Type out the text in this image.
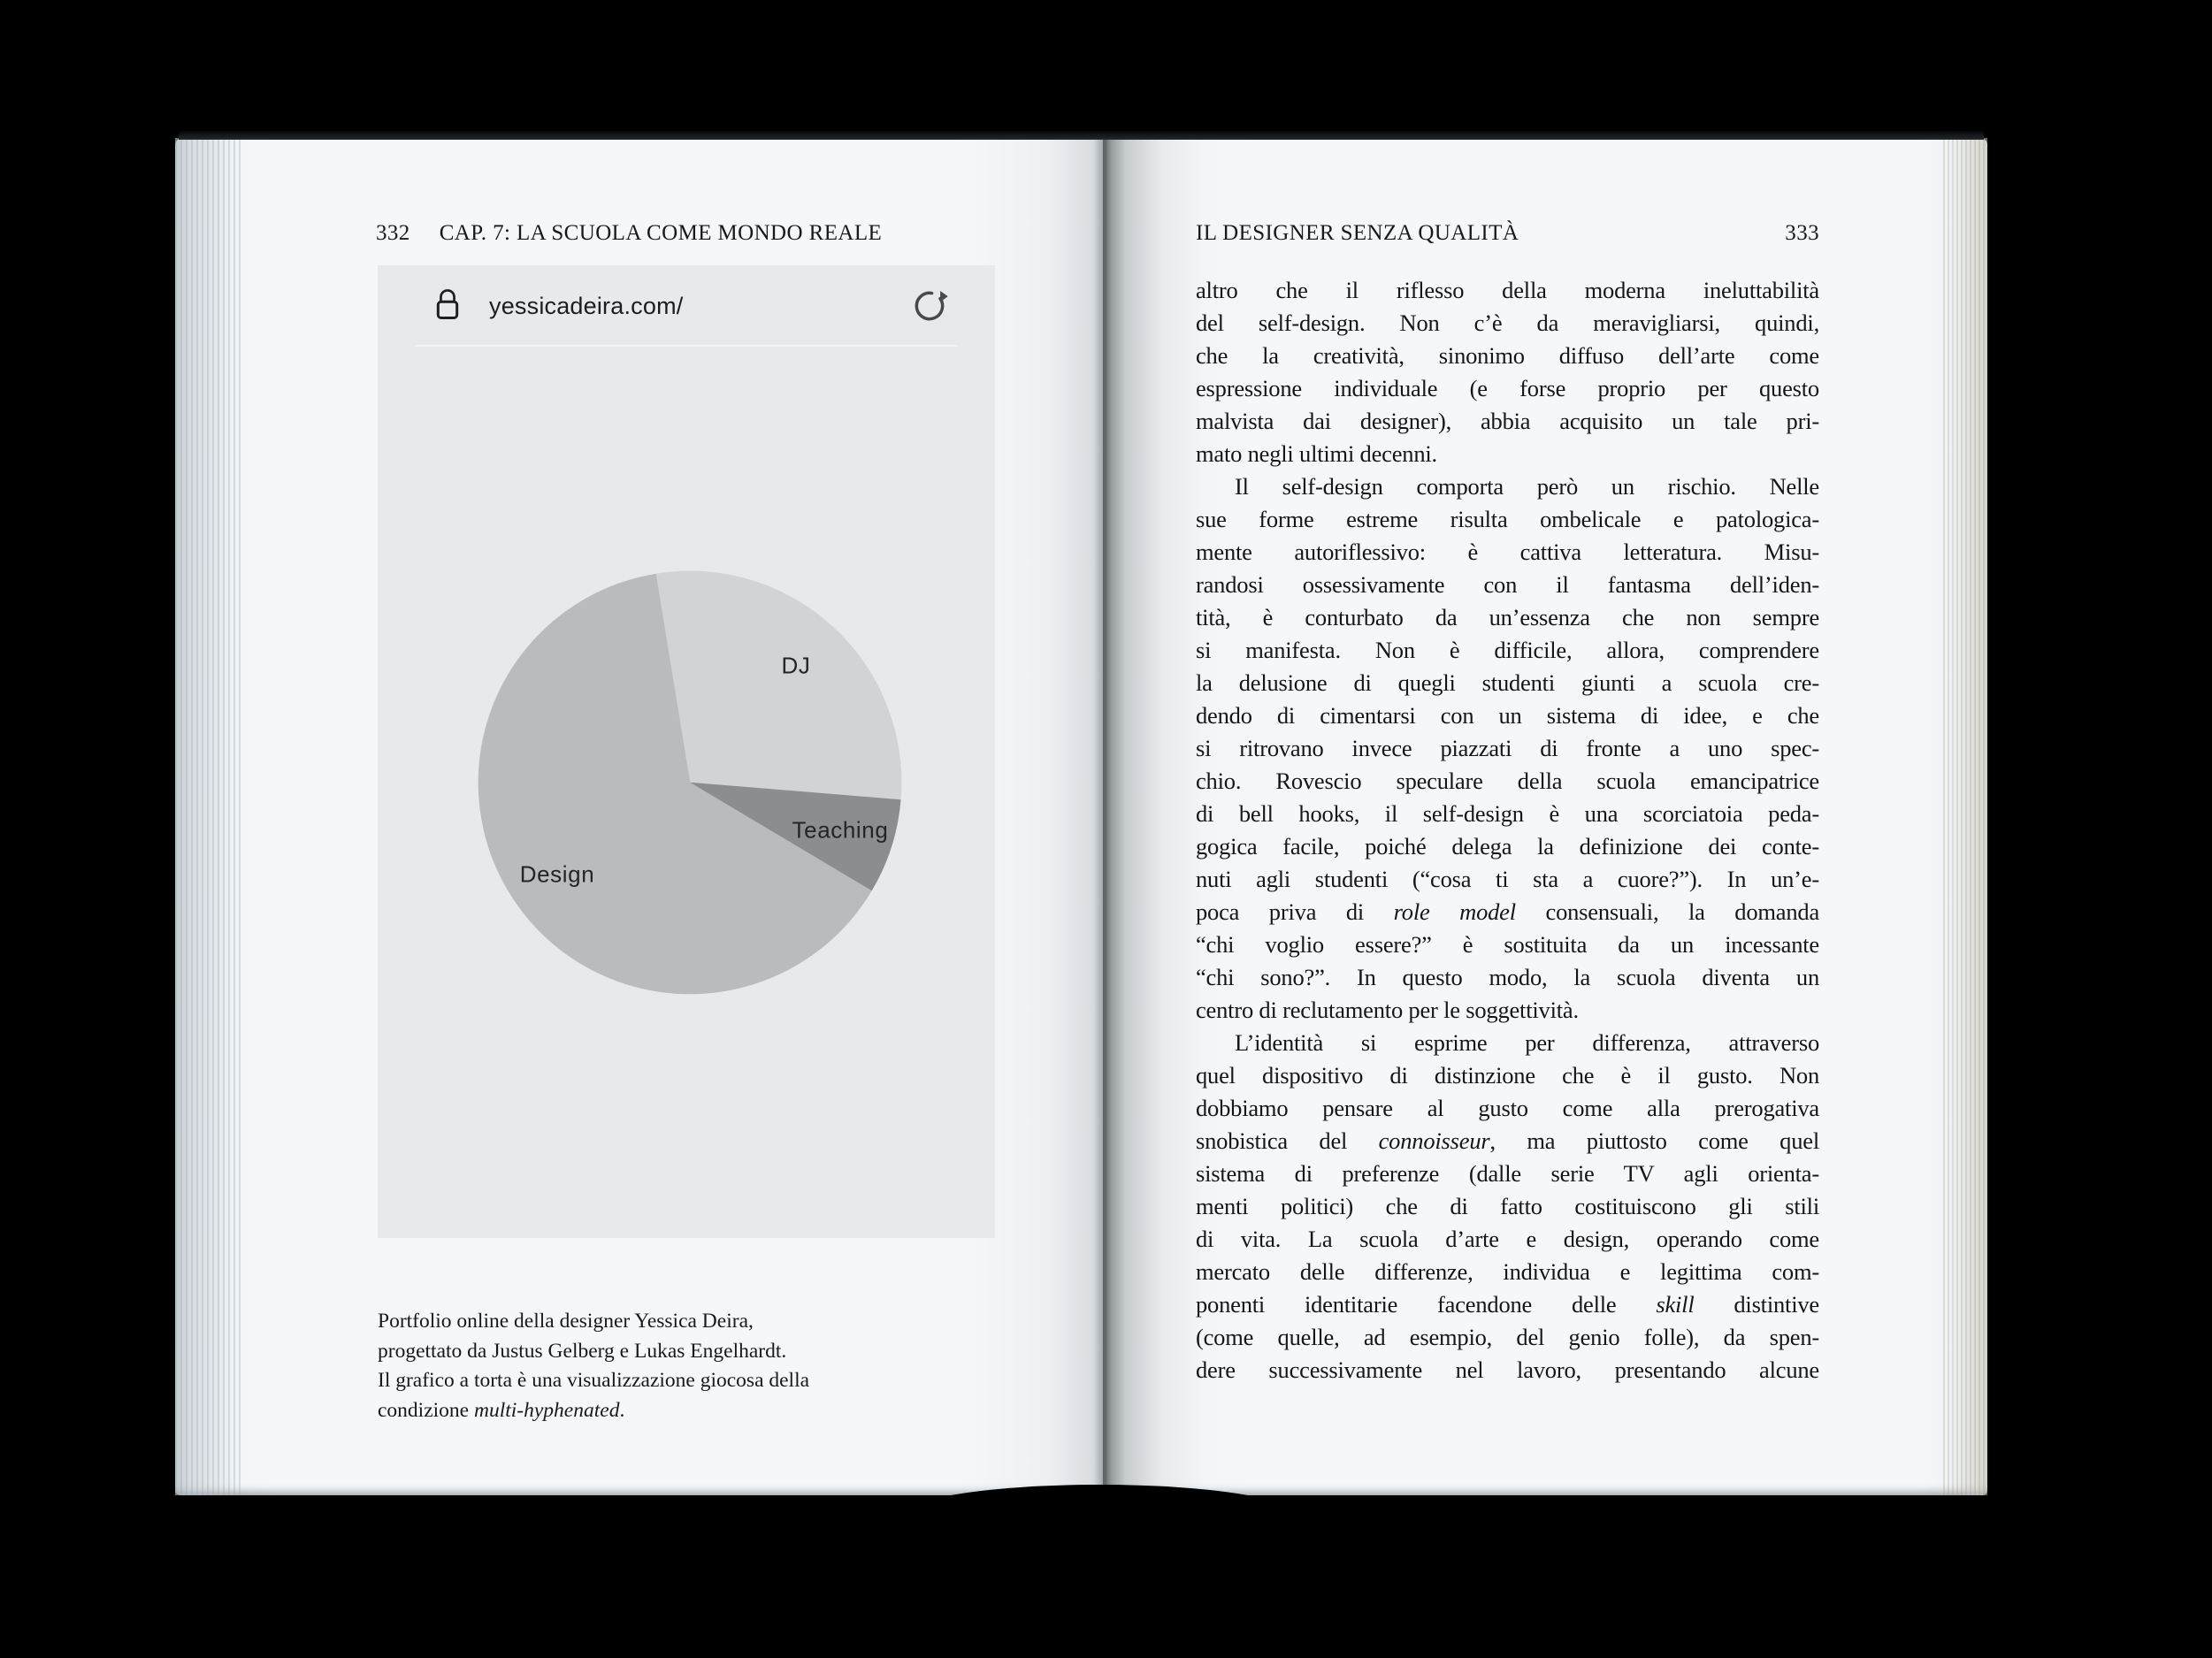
332 CAP. 7: LA SCUOLA COME MONDO REALE
yessicadeira.com/
DJ
Teaching
Design
Portfolio online della designer Yessica Deira,
progettato da Justus Gelberg e Lukas Engelhardt.
Il grafico a torta è una visualizzazione giocosa della
condizione multi-hyphenated.
IL DESIGNER SENZA QUALITÀ	333
altro che il riflesso della moderna ineluttabilità
del self-design. Non c’è da meravigliarsi, quindi,
che la creatività, sinonimo diffuso dell’arte come
espressione individuale (e forse proprio per questo
malvista dai designer), abbia acquisito un tale pri-
mato negli ultimi decenni.
Il self-design comporta però un rischio. Nelle
sue forme estreme risulta ombelicale e patologica-
mente autoriflessivo: è cattiva letteratura. Misu-
randosi ossessivamente con il fantasma dell’iden-
tità, è conturbato da un’essenza che non sempre
si manifesta. Non è difficile, allora, comprendere
la delusione di quegli studenti giunti a scuola cre-
dendo di cimentarsi con un sistema di idee, e che
si ritrovano invece piazzati di fronte a uno spec-
chio. Rovescio speculare della scuola emancipatrice
di bell hooks, il self-design è una scorciatoia peda-
gogica facile, poiché delega la definizione dei conte-
nuti agli studenti (“cosa ti sta a cuore?”). In un’e-
poca priva di role model consensuali, la domanda
“chi voglio essere?” è sostituita da un incessante
“chi sono?”. In questo modo, la scuola diventa un
centro di reclutamento per le soggettività.
L’identità si esprime per differenza, attraverso
quel dispositivo di distinzione che è il gusto. Non
dobbiamo pensare al gusto come alla prerogativa
snobistica del connoisseur, ma piuttosto come quel
sistema di preferenze (dalle serie TV agli orienta-
menti politici) che di fatto costituiscono gli stili
di vita. La scuola d’arte e design, operando come
mercato delle differenze, individua e legittima com-
ponenti identitarie facendone delle skill distintive
(come quelle, ad esempio, del genio folle), da spen-
dere successivamente nel lavoro, presentando alcune
